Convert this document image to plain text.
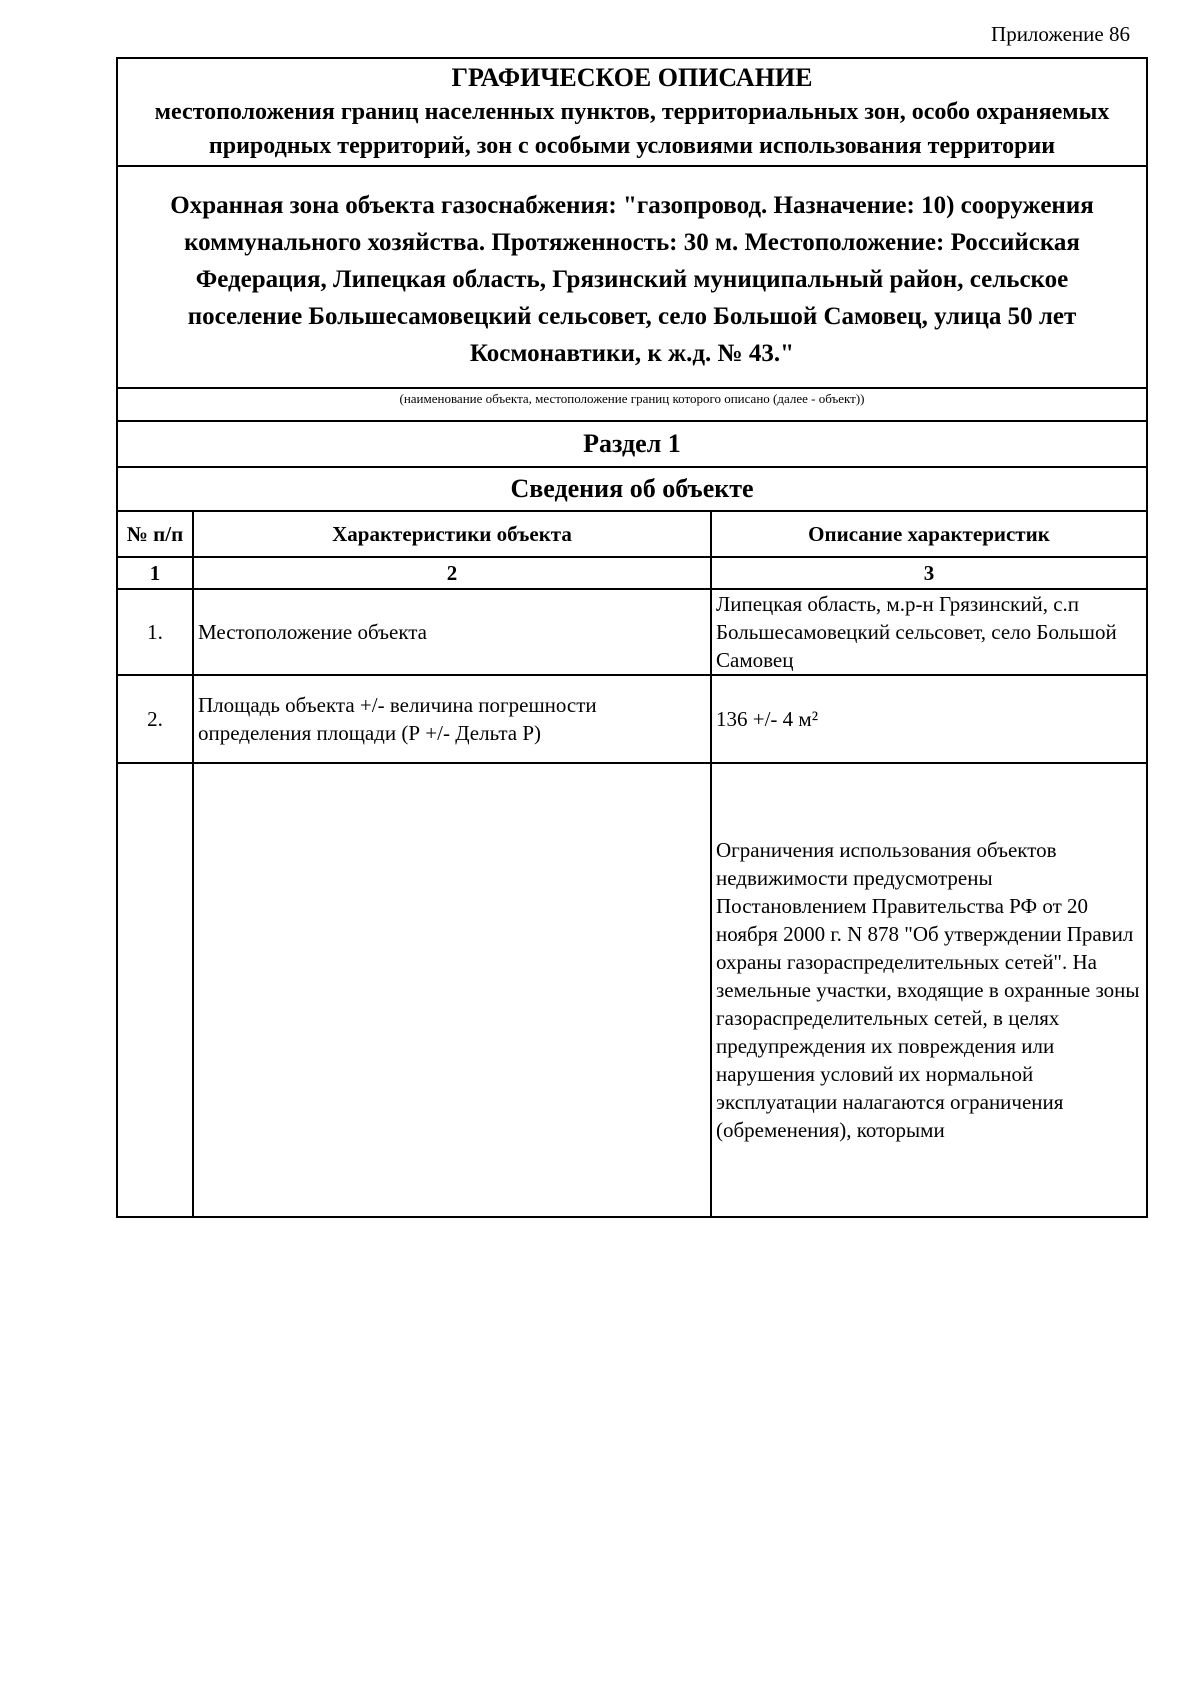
Приложение 86
ГРАФИЧЕСКОЕ ОПИСАНИЕ
местоположения границ населенных пунктов, территориальных зон, особо охраняемых природных территорий, зон с особыми условиями использования территории
Охранная зона объекта газоснабжения: "газопровод. Назначение: 10) сооружения коммунального хозяйства. Протяженность: 30 м. Местоположение: Российская Федерация, Липецкая область, Грязинский муниципальный район, сельское поселение Большесамовецкий сельсовет, село Большой Самовец, улица 50 лет Космонавтики, к ж.д. № 43."
(наименование объекта, местоположение границ которого описано (далее - объект))
Раздел 1
Сведения об объекте
№ п/п	Характеристики объекта	Описание характеристик
1	2	3
1.	Местоположение объекта	Липецкая область, м.р-н Грязинский, с.п Большесамовецкий сельсовет, село Большой Самовец
2.	Площадь объекта +/- величина погрешности определения площади (Р +/- Дельта Р)	136 +/- 4 м²
		Ограничения использования объектов недвижимости предусмотрены Постановлением Правительства РФ от 20 ноября 2000 г. N 878 "Об утверждении Правил охраны газораспределительных сетей". На земельные участки, входящие в охранные зоны газораспределительных сетей, в целях предупреждения их повреждения или нарушения условий их нормальной эксплуатации налагаются ограничения (обременения), которыми
